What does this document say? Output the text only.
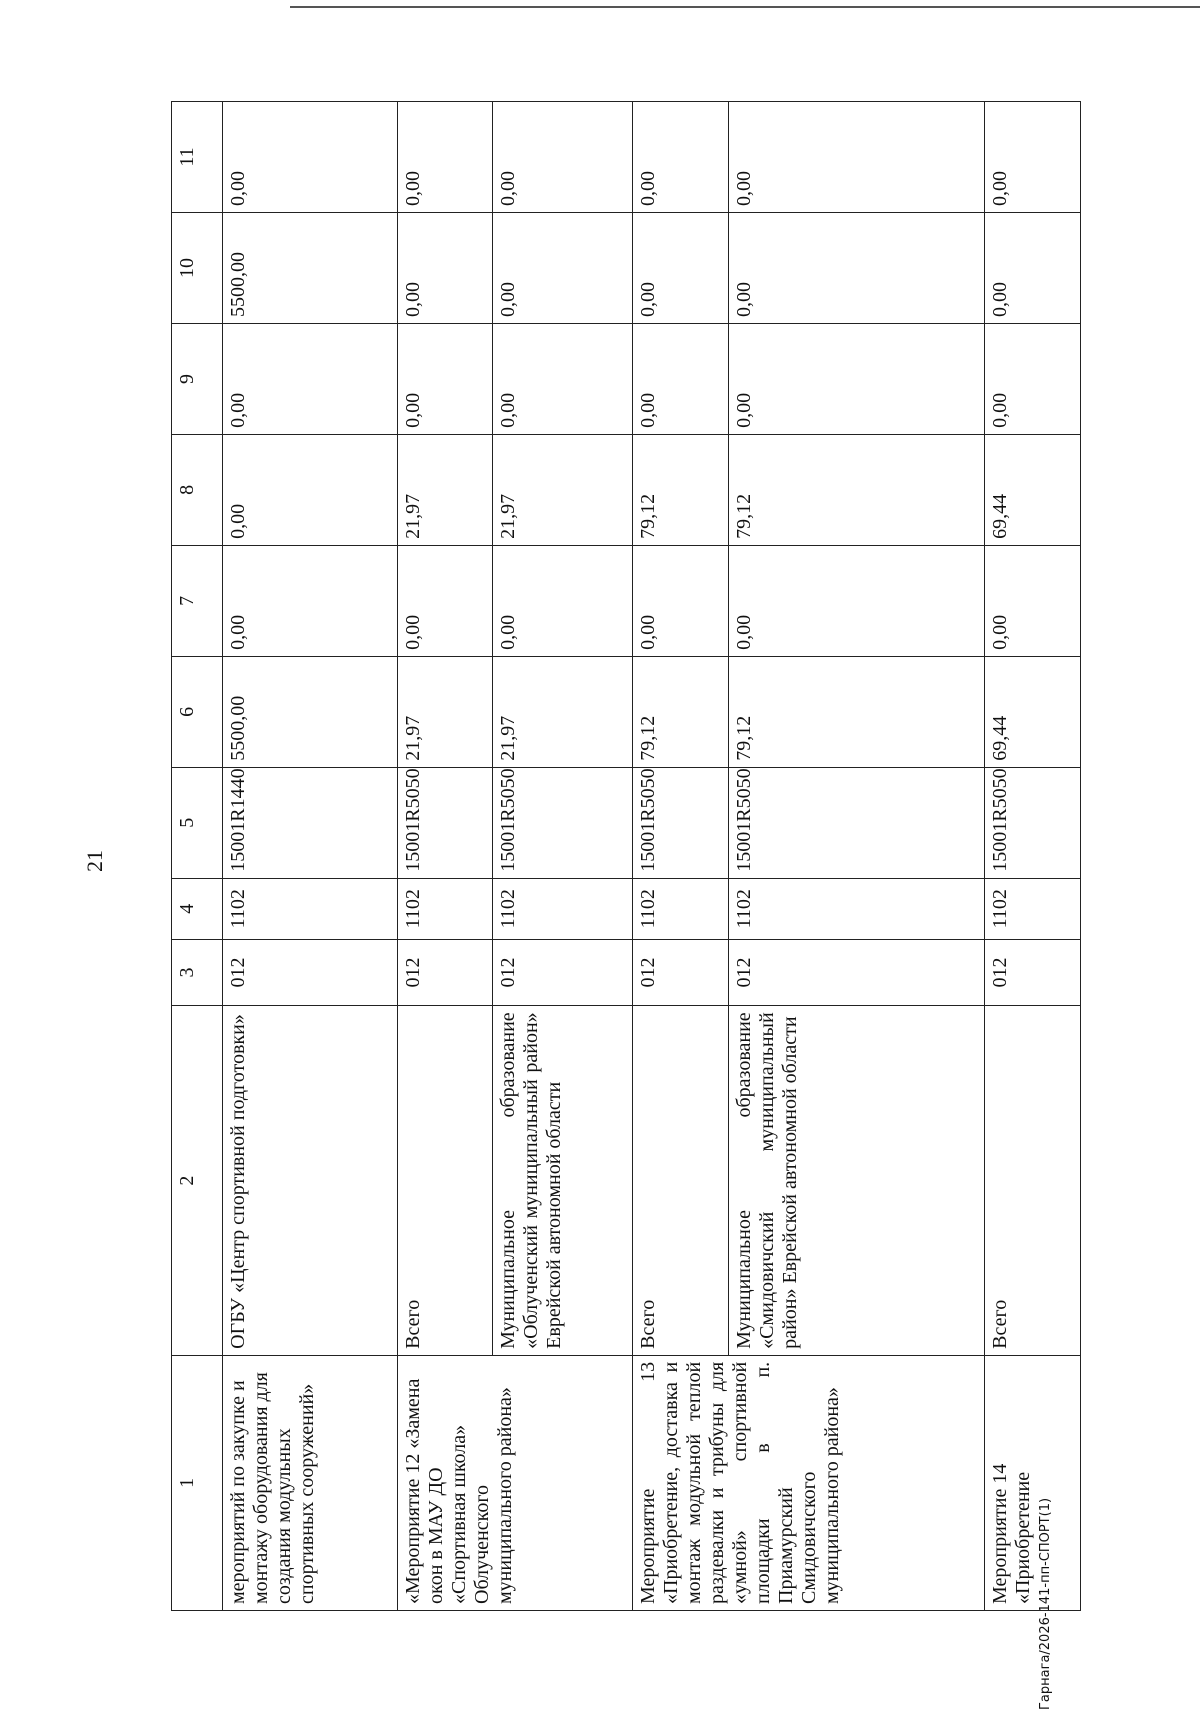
21
Гарнага/2026-141-пп-СПОРТ(1)
1	2	3	4	5	6	7	8	9	10	11
мероприятий по закупке и монтажу оборудования для создания модульных спортивных сооружений»	ОГБУ «Центр спортивной подготовки»	012	1102	15001R1440	5500,00	0,00	0,00	0,00	5500,00	0,00
«Мероприятие 12 «Замена окон в МАУ ДО «Спортивная школа» Облученского муниципального района»	Всего	012	1102	15001R5050	21,97	0,00	21,97	0,00	0,00	0,00
	Муниципальное образование «Облученский муниципальный район» Еврейской автономной области	012	1102	15001R5050	21,97	0,00	21,97	0,00	0,00	0,00
Мероприятие 13 «Приобретение, доставка и монтаж модульной теплой раздевалки и трибуны для «умной» спортивной площадки в п. Приамурский Смидовичского муниципального района»	Всего	012	1102	15001R5050	79,12	0,00	79,12	0,00	0,00	0,00
	Муниципальное образование «Смидовичский муниципальный район» Еврейской автономной области	012	1102	15001R5050	79,12	0,00	79,12	0,00	0,00	0,00
Мероприятие 14 «Приобретение	Всего	012	1102	15001R5050	69,44	0,00	69,44	0,00	0,00	0,00
